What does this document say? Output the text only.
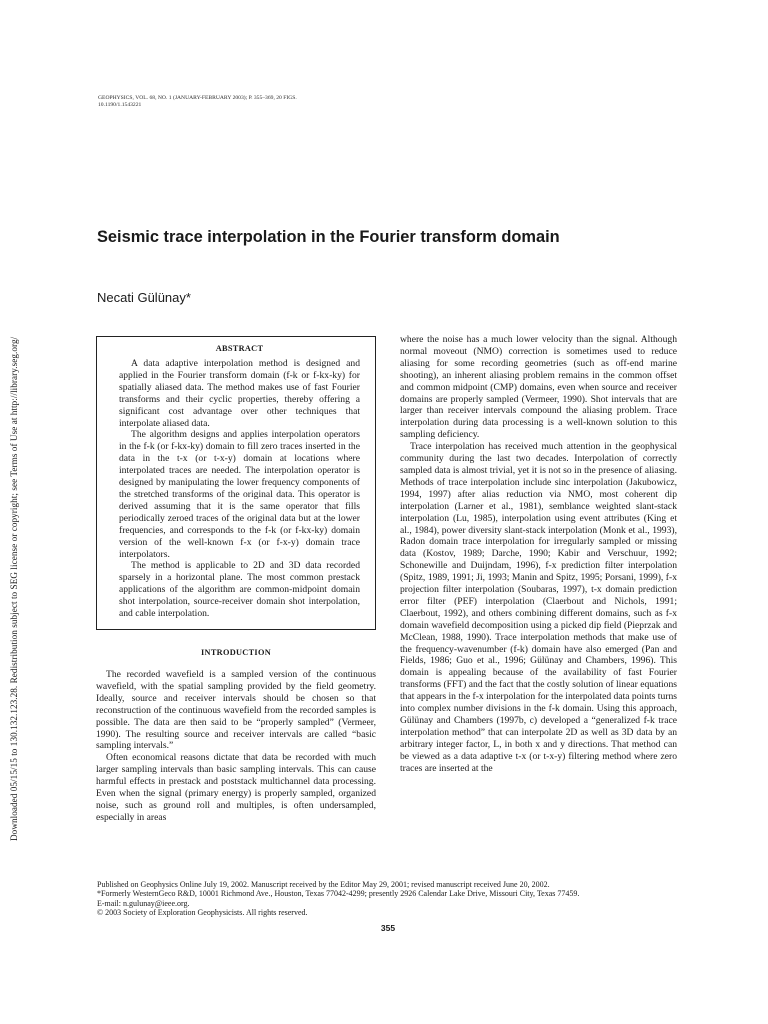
Downloaded 05/15/15 to 130.132.123.28. Redistribution subject to SEG license or copyright; see Terms of Use at http://library.seg.org/
GEOPHYSICS, VOL. 68, NO. 1 (JANUARY-FEBRUARY 2003); P. 355–369, 20 FIGS.
10.1190/1.1543221
Seismic trace interpolation in the Fourier transform domain
Necati Gülünay*
ABSTRACT

A data adaptive interpolation method is designed and applied in the Fourier transform domain (f-k or f-kx-ky) for spatially aliased data. The method makes use of fast Fourier transforms and their cyclic properties, thereby offering a significant cost advantage over other techniques that interpolate aliased data.

The algorithm designs and applies interpolation operators in the f-k (or f-kx-ky) domain to fill zero traces inserted in the data in the t-x (or t-x-y) domain at locations where interpolated traces are needed. The interpolation operator is designed by manipulating the lower frequency components of the stretched transforms of the original data. This operator is derived assuming that it is the same operator that fills periodically zeroed traces of the original data but at the lower frequencies, and corresponds to the f-k (or f-kx-ky) domain version of the well-known f-x (or f-x-y) domain trace interpolators.

The method is applicable to 2D and 3D data recorded sparsely in a horizontal plane. The most common prestack applications of the algorithm are common-midpoint domain shot interpolation, source-receiver domain shot interpolation, and cable interpolation.

INTRODUCTION

The recorded wavefield is a sampled version of the continuous wavefield, with the spatial sampling provided by the field geometry. Ideally, source and receiver intervals should be chosen so that reconstruction of the continuous wavefield from the recorded samples is possible. The data are then said to be “properly sampled” (Vermeer, 1990). The resulting source and receiver intervals are called “basic sampling intervals.”

Often economical reasons dictate that data be recorded with much larger sampling intervals than basic sampling intervals. This can cause harmful effects in prestack and poststack multichannel data processing. Even when the signal (primary energy) is properly sampled, organized noise, such as ground roll and multiples, is often undersampled, especially in areas

where the noise has a much lower velocity than the signal. Although normal moveout (NMO) correction is sometimes used to reduce aliasing for some recording geometries (such as off-end marine shooting), an inherent aliasing problem remains in the common offset and common midpoint (CMP) domains, even when source and receiver domains are properly sampled (Vermeer, 1990). Shot intervals that are larger than receiver intervals compound the aliasing problem. Trace interpolation during data processing is a well-known solution to this sampling deficiency.

Trace interpolation has received much attention in the geophysical community during the last two decades. Interpolation of correctly sampled data is almost trivial, yet it is not so in the presence of aliasing. Methods of trace interpolation include sinc interpolation (Jakubowicz, 1994, 1997) after alias reduction via NMO, most coherent dip interpolation (Larner et al., 1981), semblance weighted slant-stack interpolation (Lu, 1985), interpolation using event attributes (King et al., 1984), power diversity slant-stack interpolation (Monk et al., 1993), Radon domain trace interpolation for irregularly sampled or missing data (Kostov, 1989; Darche, 1990; Kabir and Verschuur, 1992; Schonewille and Duijndam, 1996), f-x prediction filter interpolation (Spitz, 1989, 1991; Ji, 1993; Manin and Spitz, 1995; Porsani, 1999), f-x projection filter interpolation (Soubaras, 1997), t-x domain prediction error filter (PEF) interpolation (Claerbout and Nichols, 1991; Claerbout, 1992), and others combining different domains, such as f-x domain wavefield decomposition using a picked dip field (Pieprzak and McClean, 1988, 1990). Trace interpolation methods that make use of the frequency-wavenumber (f-k) domain have also emerged (Pan and Fields, 1986; Guo et al., 1996; Gülünay and Chambers, 1996). This domain is appealing because of the availability of fast Fourier transforms (FFT) and the fact that the costly solution of linear equations that appears in the f-x interpolation for the interpolated data points turns into complex number divisions in the f-k domain. Using this approach, Gülünay and Chambers (1997b, c) developed a “generalized f-k trace interpolation method” that can interpolate 2D as well as 3D data by an arbitrary integer factor, L, in both x and y directions. That method can be viewed as a data adaptive t-x (or t-x-y) filtering method where zero traces are inserted at the

Published on Geophysics Online July 19, 2002. Manuscript received by the Editor May 29, 2001; revised manuscript received June 20, 2002.
*Formerly WesternGeco R&D, 10001 Richmond Ave., Houston, Texas 77042-4299; presently 2926 Calendar Lake Drive, Missouri City, Texas 77459.
E-mail: n.gulunay@ieee.org.
© 2003 Society of Exploration Geophysicists. All rights reserved.
355
